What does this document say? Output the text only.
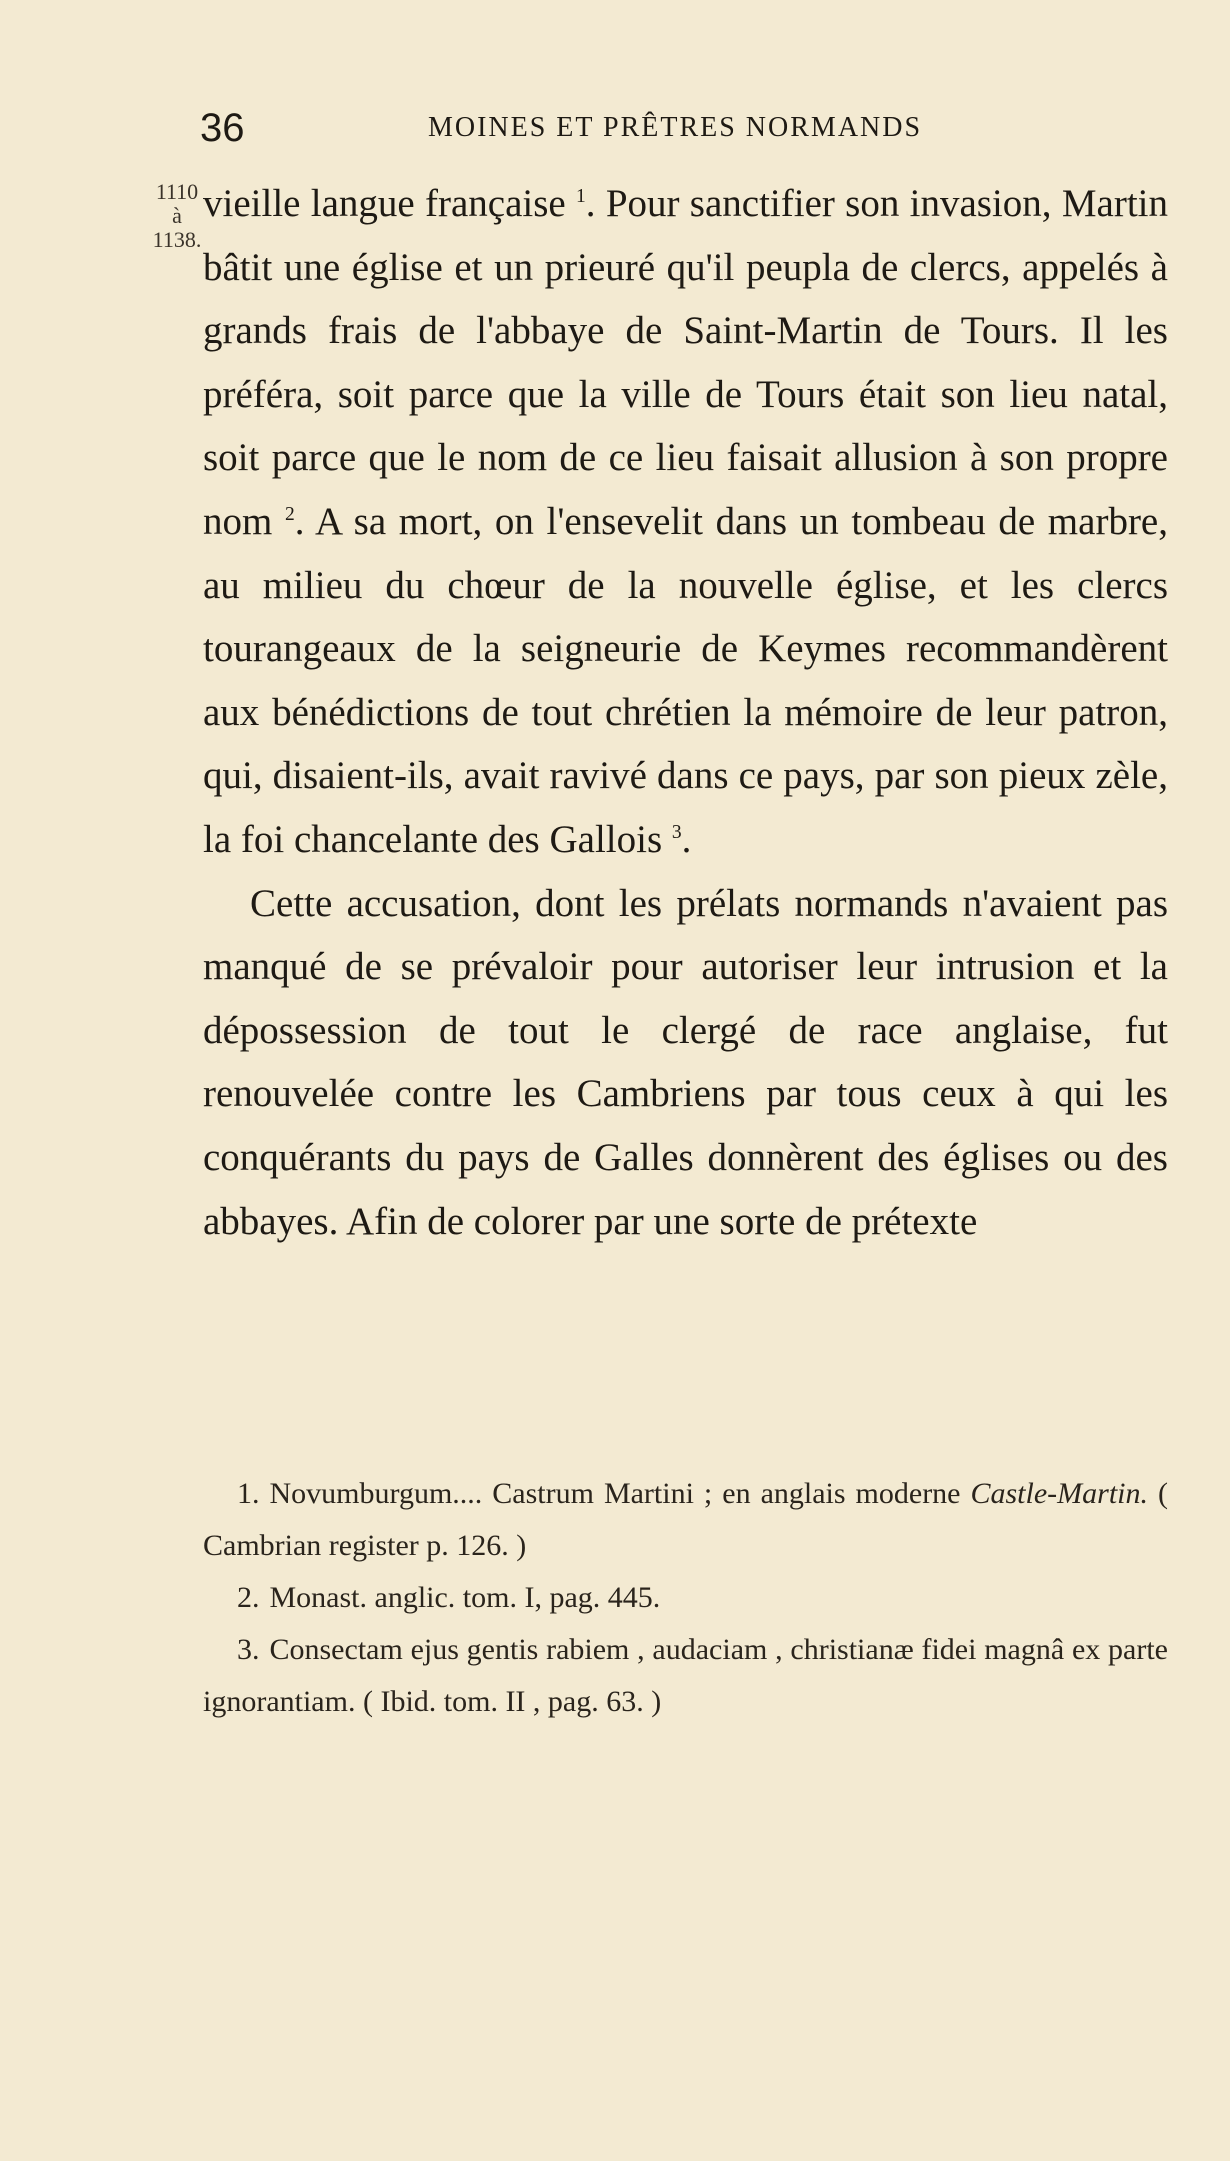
36	MOINES ET PRÊTRES NORMANDS
1110
à
1138.

vieille langue française $^1$. Pour sanctifier son invasion, Martin bâtit une église et un prieuré qu'il peupla de clercs, appelés à grands frais de l'abbaye de Saint-Martin de Tours. Il les préféra, soit parce que la ville de Tours était son lieu natal, soit parce que le nom de ce lieu faisait allusion à son propre nom $^2$. A sa mort, on l'ensevelit dans un tombeau de marbre, au milieu du chœur de la nouvelle église, et les clercs tourangeaux de la seigneurie de Keymes recommandèrent aux bénédictions de tout chrétien la mémoire de leur patron, qui, disaient-ils, avait ravivé dans ce pays, par son pieux zèle, la foi chancelante des Gallois $^3$.

Cette accusation, dont les prélats normands n'avaient pas manqué de se prévaloir pour autoriser leur intrusion et la dépossession de tout le clergé de race anglaise, fut renouvelée contre les Cambriens par tous ceux à qui les conquérants du pays de Galles donnèrent des églises ou des abbayes. Afin de colorer par une sorte de prétexte

1. Novumburgum.... Castrum Martini ; en anglais moderne Castle-Martin. ( Cambrian register p. 126. )

2. Monast. anglic. tom. I, pag. 445.

3. Consectam ejus gentis rabiem , audaciam , christianæ fidei magnâ ex parte ignorantiam. ( Ibid. tom. II , pag. 63. )
